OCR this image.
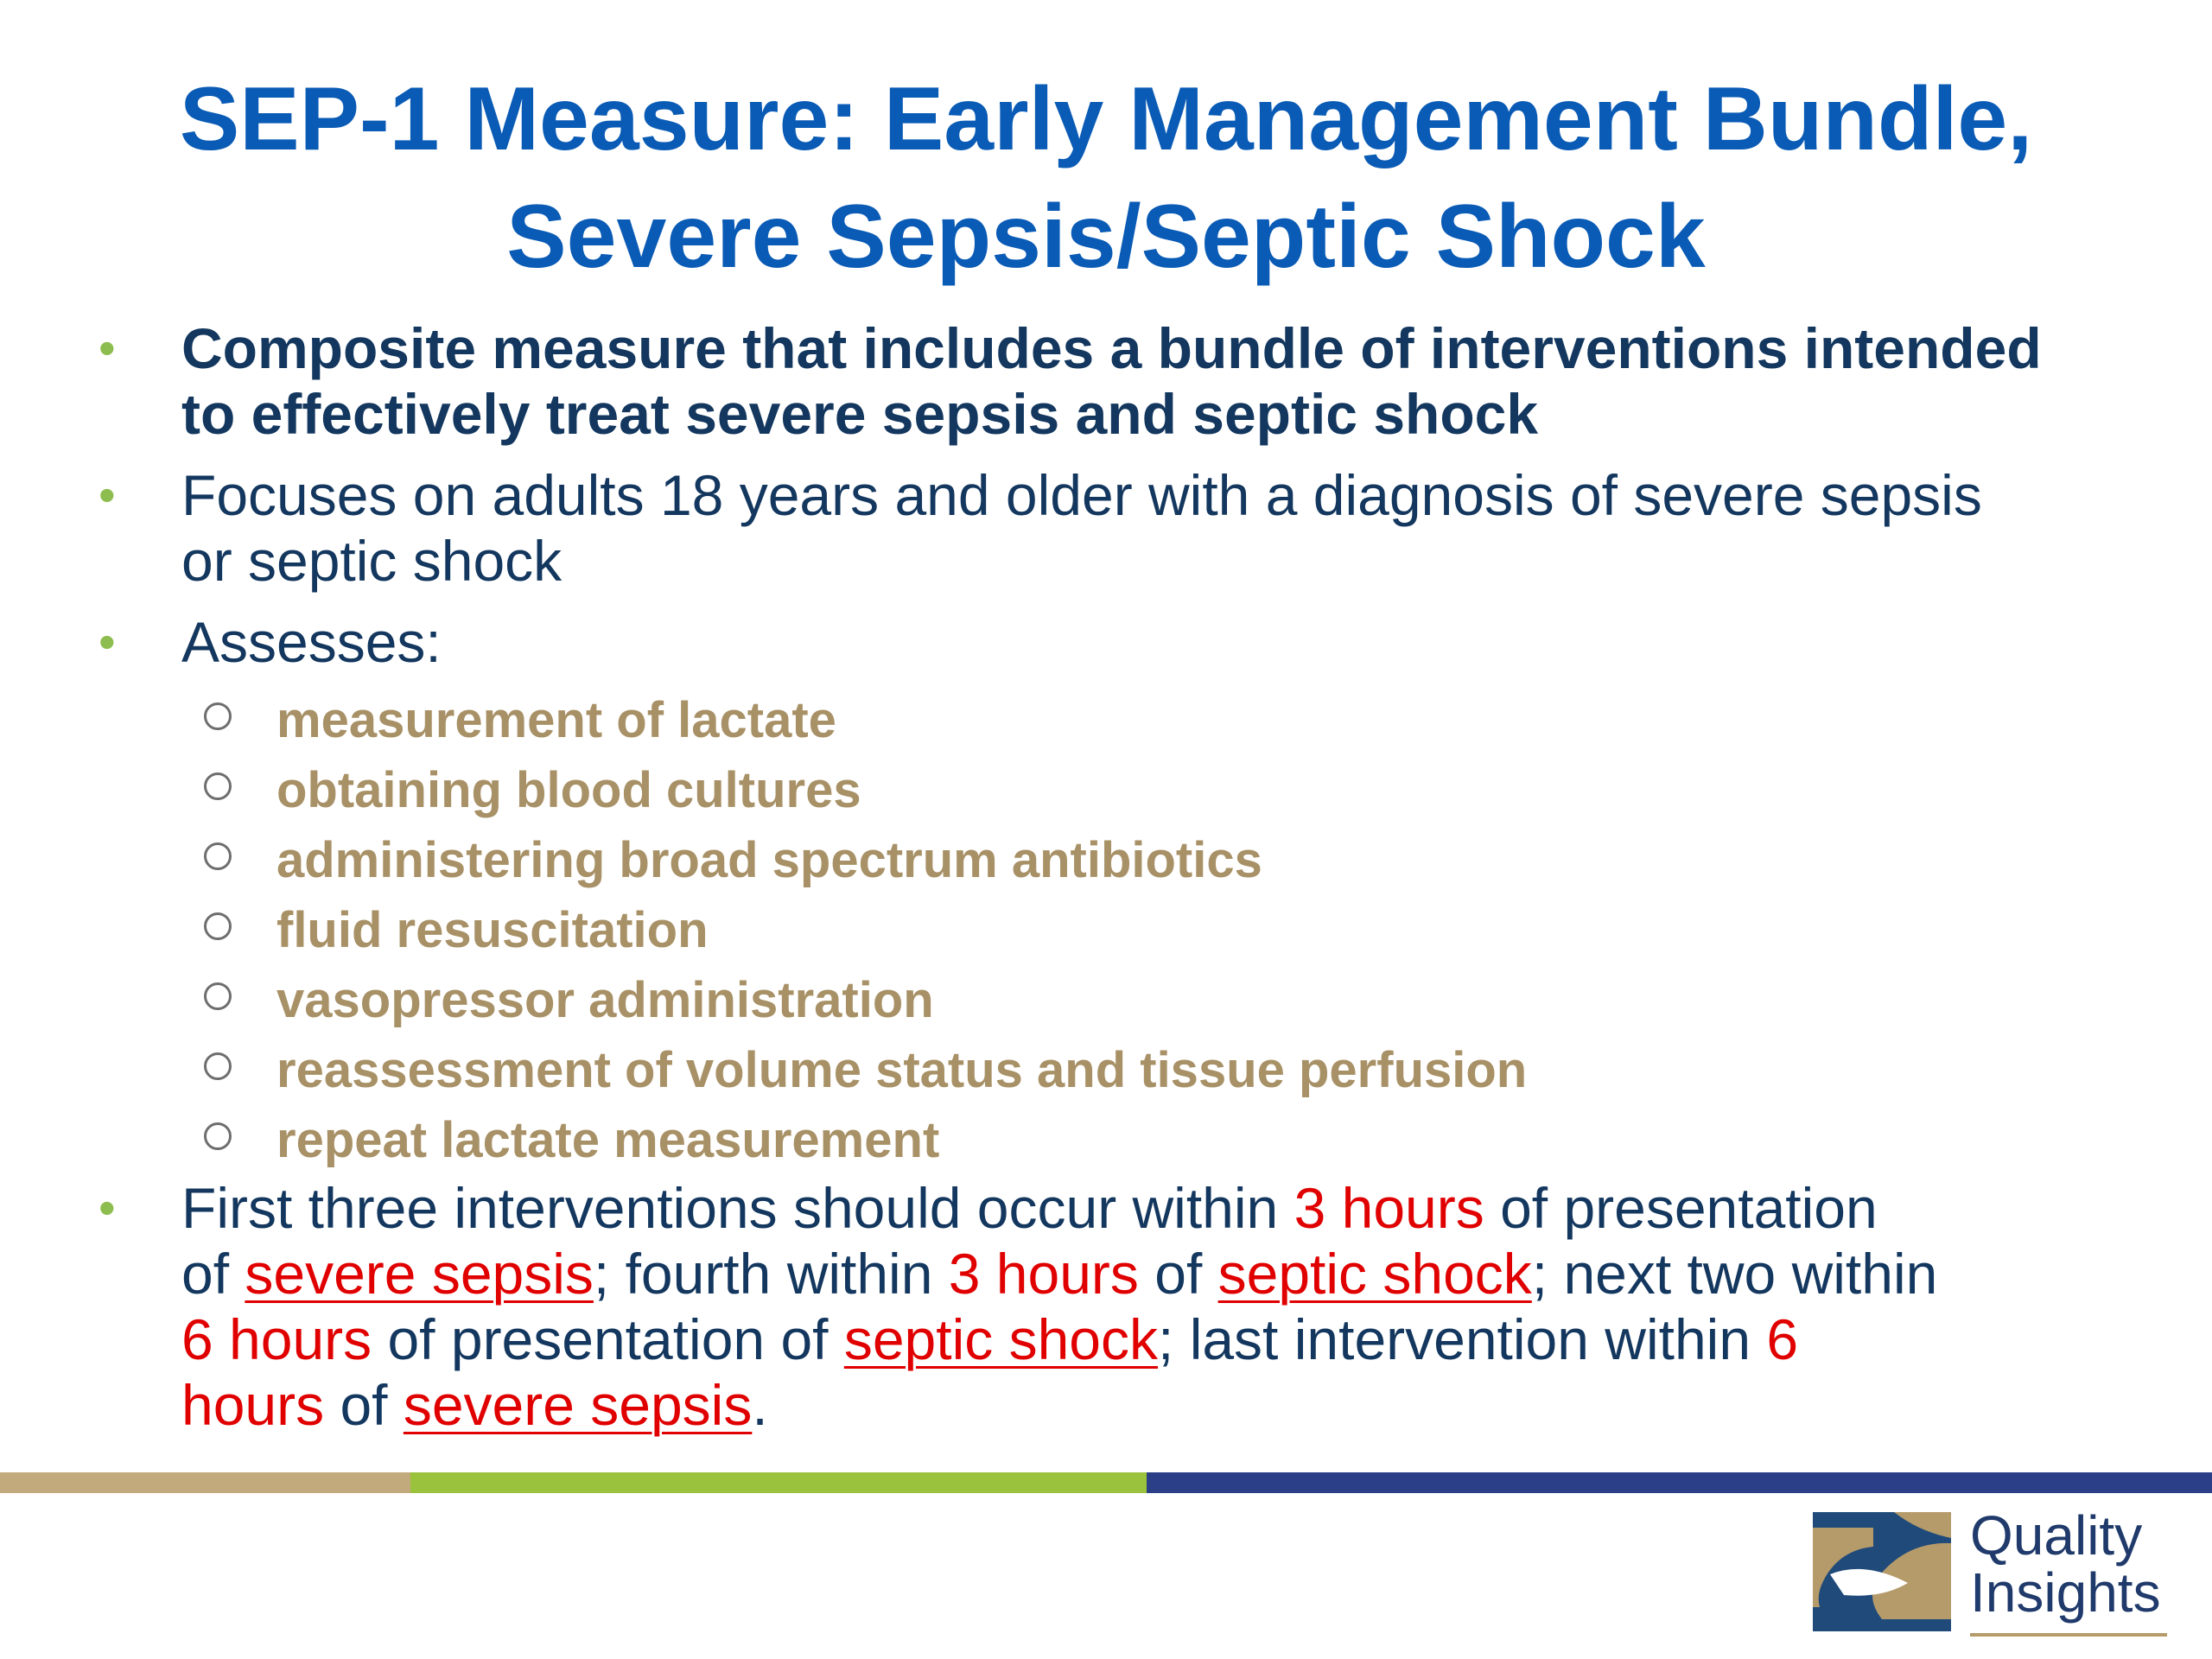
SEP-1 Measure: Early Management Bundle,
Severe Sepsis/Septic Shock
• Composite measure that includes a bundle of interventions intended
to effectively treat severe sepsis and septic shock
• Focuses on adults 18 years and older with a diagnosis of severe sepsis
or septic shock
• Assesses:
measurement of lactate
obtaining blood cultures
administering broad spectrum antibiotics
fluid resuscitation
vasopressor administration
reassessment of volume status and tissue perfusion
repeat lactate measurement
• First three interventions should occur within 3 hours of presentation
of severe sepsis; fourth within 3 hours of septic shock; next two within
6 hours of presentation of septic shock; last intervention within 6
hours of severe sepsis.
Quality
Insights
